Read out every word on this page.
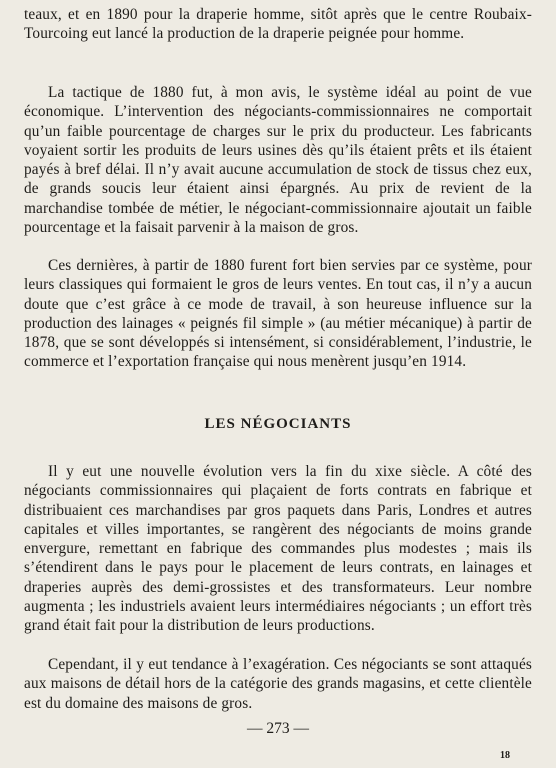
teaux, et en 1890 pour la draperie homme, sitôt après que le centre Roubaix-Tourcoing eut lancé la production de la draperie peignée pour homme.

La tactique de 1880 fut, à mon avis, le système idéal au point de vue économique. L’intervention des négociants-commissionnaires ne comportait qu’un faible pourcentage de charges sur le prix du producteur. Les fabricants voyaient sortir les produits de leurs usines dès qu’ils étaient prêts et ils étaient payés à bref délai. Il n’y avait aucune accumulation de stock de tissus chez eux, de grands soucis leur étaient ainsi épargnés. Au prix de revient de la marchandise tombée de métier, le négociant-commissionnaire ajoutait un faible pourcentage et la faisait parvenir à la maison de gros.

Ces dernières, à partir de 1880 furent fort bien servies par ce système, pour leurs classiques qui formaient le gros de leurs ventes. En tout cas, il n’y a aucun doute que c’est grâce à ce mode de travail, à son heureuse influence sur la production des lainages « peignés fil simple » (au métier mécanique) à partir de 1878, que se sont développés si intensément, si considérablement, l’industrie, le commerce et l’exportation française qui nous menèrent jusqu’en 1914.

LES NÉGOCIANTS

Il y eut une nouvelle évolution vers la fin du xixe siècle. A côté des négociants commissionnaires qui plaçaient de forts contrats en fabrique et distribuaient ces marchandises par gros paquets dans Paris, Londres et autres capitales et villes importantes, se rangèrent des négociants de moins grande envergure, remettant en fabrique des commandes plus modestes ; mais ils s’étendirent dans le pays pour le placement de leurs contrats, en lainages et draperies auprès des demi-grossistes et des transformateurs. Leur nombre augmenta ; les industriels avaient leurs intermédiaires négociants ; un effort très grand était fait pour la distribution de leurs productions.

Cependant, il y eut tendance à l’exagération. Ces négociants se sont attaqués aux maisons de détail hors de la catégorie des grands magasins, et cette clientèle est du domaine des maisons de gros.

— 273 —

18
